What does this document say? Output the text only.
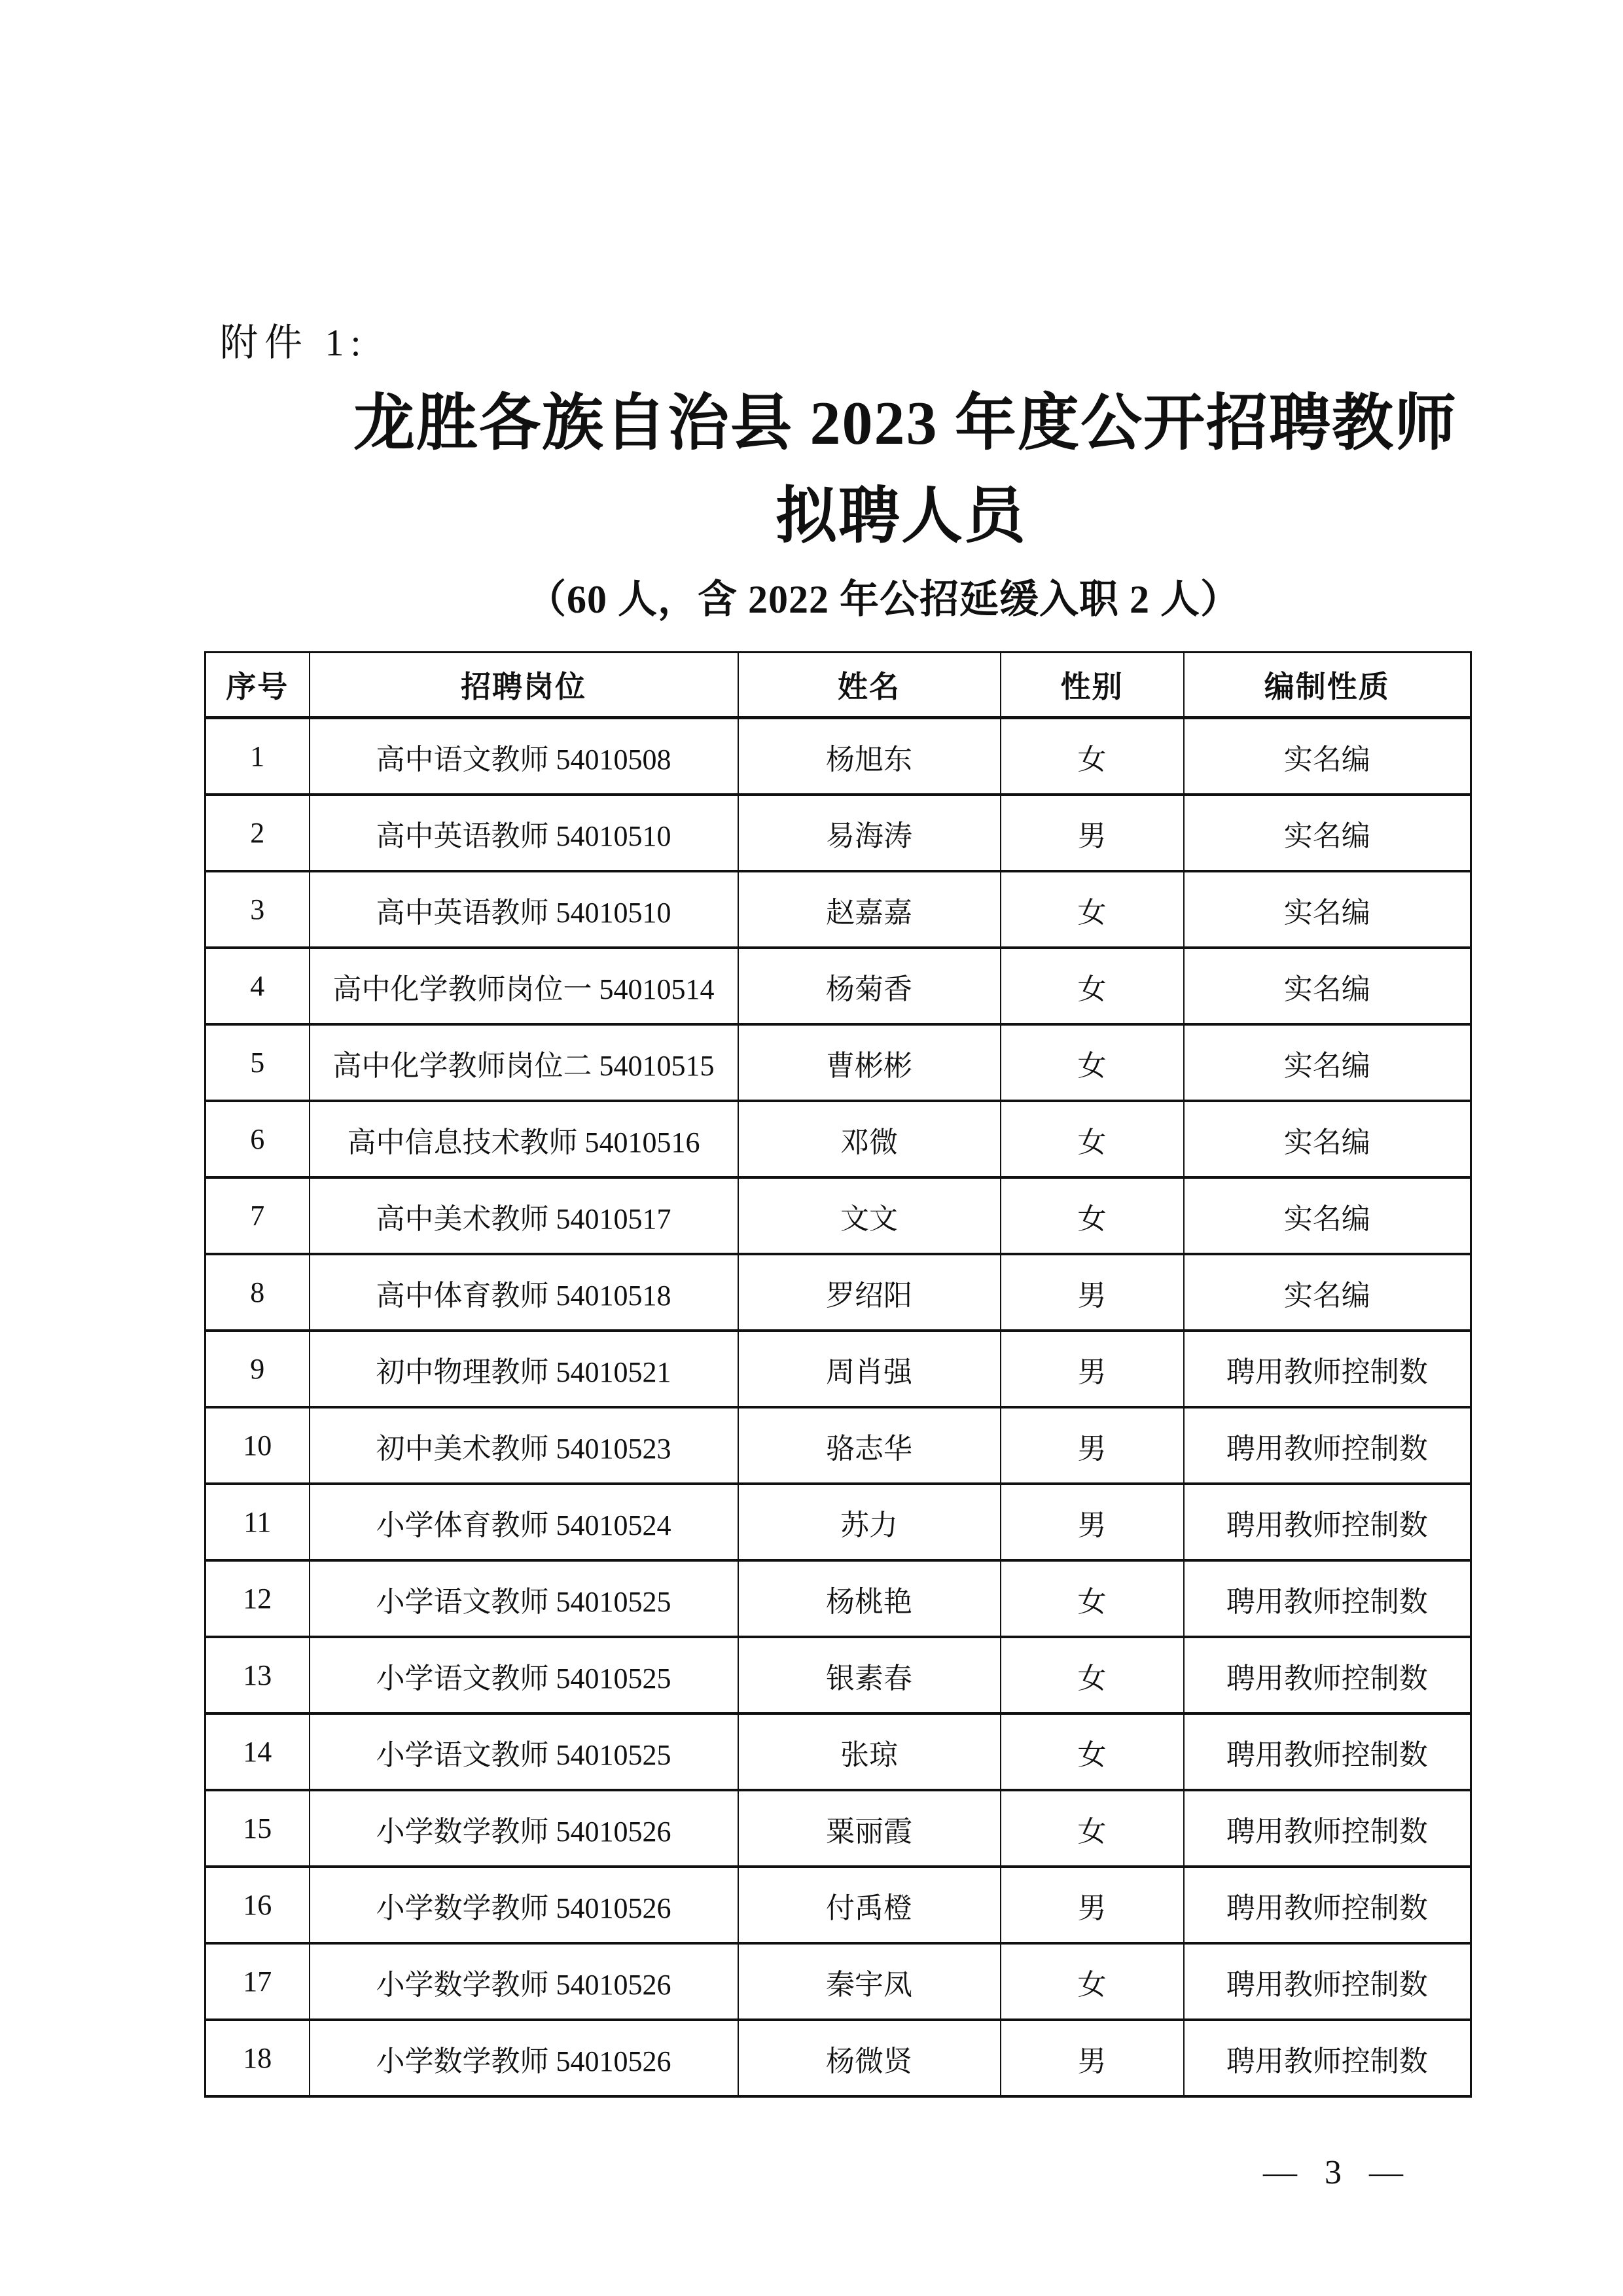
附件 1:
龙胜各族自治县 2023 年度公开招聘教师
拟聘人员
（60 人，含 2022 年公招延缓入职 2 人）
序号	招聘岗位	姓名	性别	编制性质
1	高中语文教师 54010508	杨旭东	女	实名编
2	高中英语教师 54010510	易海涛	男	实名编
3	高中英语教师 54010510	赵嘉嘉	女	实名编
4	高中化学教师岗位一 54010514	杨菊香	女	实名编
5	高中化学教师岗位二 54010515	曹彬彬	女	实名编
6	高中信息技术教师 54010516	邓微	女	实名编
7	高中美术教师 54010517	文文	女	实名编
8	高中体育教师 54010518	罗绍阳	男	实名编
9	初中物理教师 54010521	周肖强	男	聘用教师控制数
10	初中美术教师 54010523	骆志华	男	聘用教师控制数
11	小学体育教师 54010524	苏力	男	聘用教师控制数
12	小学语文教师 54010525	杨桃艳	女	聘用教师控制数
13	小学语文教师 54010525	银素春	女	聘用教师控制数
14	小学语文教师 54010525	张琼	女	聘用教师控制数
15	小学数学教师 54010526	粟丽霞	女	聘用教师控制数
16	小学数学教师 54010526	付禹橙	男	聘用教师控制数
17	小学数学教师 54010526	秦宇凤	女	聘用教师控制数
18	小学数学教师 54010526	杨微贤	男	聘用教师控制数
— 3 —
